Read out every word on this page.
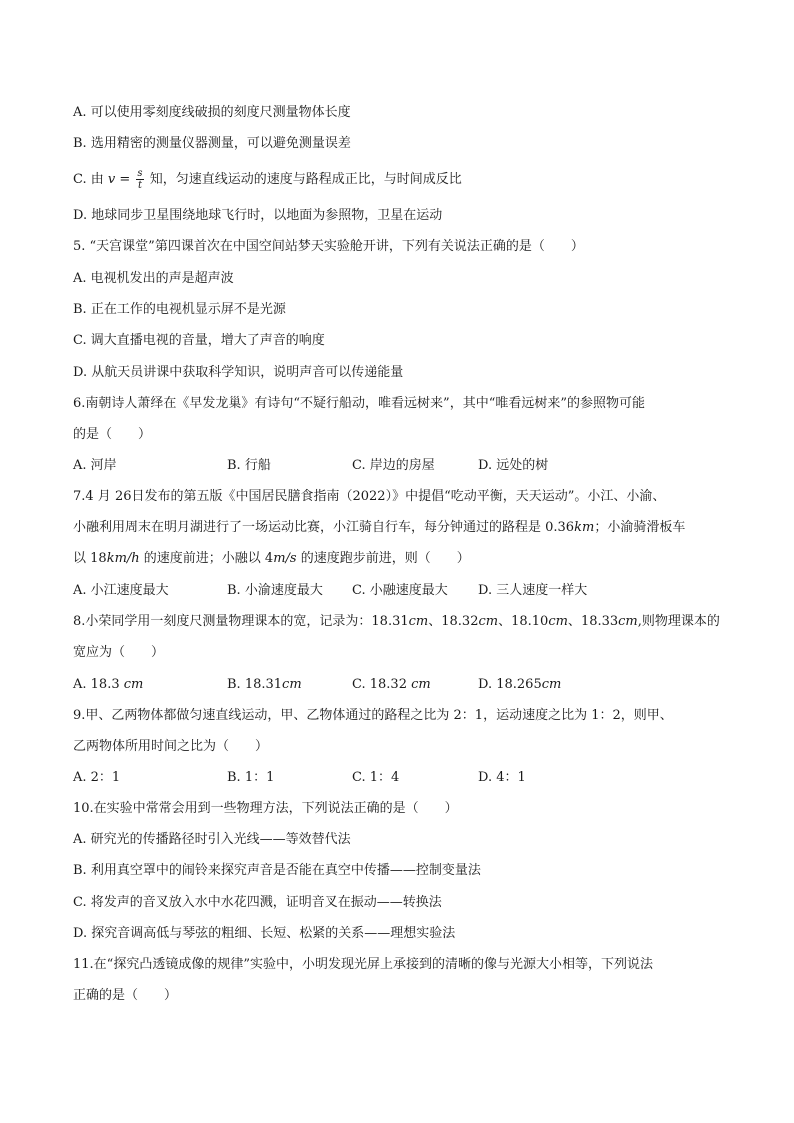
A. 可以使用零刻度线破损的刻度尺测量物体长度
B. 选用精密的测量仪器测量，可以避免测量误差
C. 由 $v = \frac{s}{t}$ 知，匀速直线运动的速度与路程成正比，与时间成反比
D. 地球同步卫星围绕地球飞行时，以地面为参照物，卫星在运动
5. “天宫课堂”第四课首次在中国空间站梦天实验舱开讲，下列有关说法正确的是（　　）
A. 电视机发出的声是超声波
B. 正在工作的电视机显示屏不是光源
C. 调大直播电视的音量，增大了声音的响度
D. 从航天员讲课中获取科学知识，说明声音可以传递能量
6.南朝诗人萧绎在《早发龙巢》有诗句“不疑行船动，唯看远树来”，其中“唯看远树来”的参照物可能
的是（　　）
A. 河岸	B. 行船	C. 岸边的房屋	D. 远处的树
7.4 月 26日发布的第五版《中国居民膳食指南（2022）》中提倡“吃动平衡，天天运动”。小江、小渝、
小融利用周末在明月湖进行了一场运动比赛，小江骑自行车，每分钟通过的路程是 0.36km；小渝骑滑板车
以 18km/h 的速度前进；小融以 4m/s 的速度跑步前进，则（　　）
A. 小江速度最大	B. 小渝速度最大 C. 小融速度最大 D. 三人速度一样大
8.小荣同学用一刻度尺测量物理课本的宽，记录为：18.31cm、18.32cm、18.10cm、18.33cm,则物理课本的
宽应为（　　）
A. 18.3 cm	B. 18.31cm	C. 18.32 cm	D. 18.265cm
9.甲、乙两物体都做匀速直线运动，甲、乙物体通过的路程之比为 2：1，运动速度之比为 1：2，则甲、
乙两物体所用时间之比为（　　）
A. 2：1	B. 1：1	C. 1：4	D. 4：1
10.在实验中常常会用到一些物理方法，下列说法正确的是（　　）
A. 研究光的传播路径时引入光线——等效替代法
B. 利用真空罩中的闹铃来探究声音是否能在真空中传播——控制变量法
C. 将发声的音叉放入水中水花四溅，证明音叉在振动——转换法
D. 探究音调高低与琴弦的粗细、长短、松紧的关系——理想实验法
11.在“探究凸透镜成像的规律”实验中，小明发现光屏上承接到的清晰的像与光源大小相等，下列说法
正确的是（　　）
